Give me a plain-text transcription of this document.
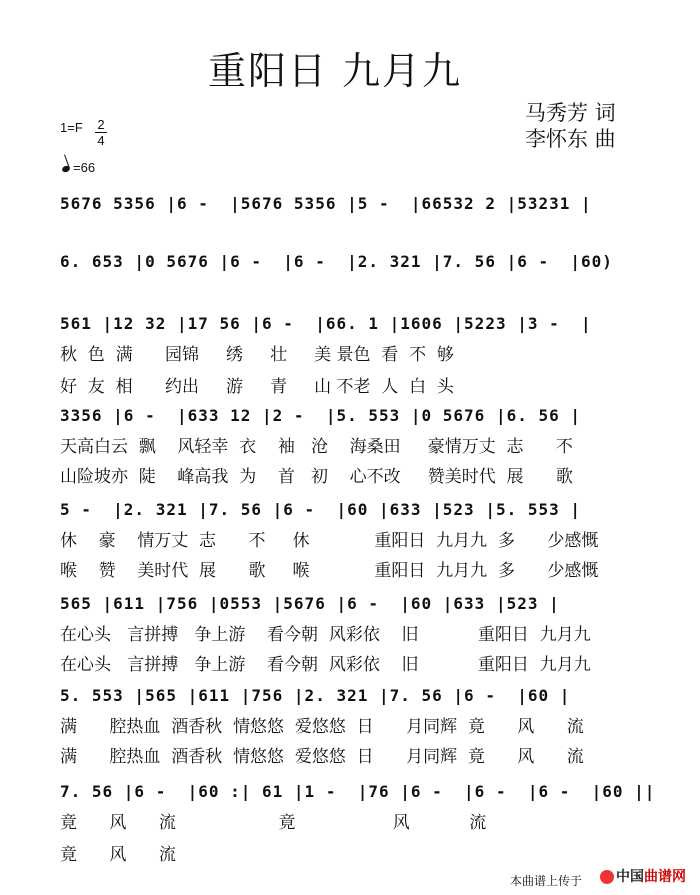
重阳日 九月九
马秀芳 词
李怀东 曲
1=F 2
4
=66
5676 5356 |6 -  |5676 5356 |5 -  |66532 2 |53231 |
6. 653 |0 5676 |6 -  |6 -  |2. 321 |7. 56 |6 -  |60)
561 |12 32 |17 56 |6 -  |66. 1 |1606 |5223 |3 -  |
秋  色  满      园锦     绣     壮     美 景色  看  不  够
好  友  相      约出     游     青     山 不老  人  白  头
3356 |6 -  |633 12 |2 -  |5. 553 |0 5676 |6. 56 |
天高白云  飘    风轻幸  衣    袖   沧    海桑田     豪情万丈  志      不
山险坡亦  陡    峰高我  为    首   初    心不改     赞美时代  展      歌
5 -  |2. 321 |7. 56 |6 -  |60 |633 |523 |5. 553 |
休    豪    情万丈  志      不     休            重阳日  九月九  多      少感慨
喉    赞    美时代  展      歌     喉            重阳日  九月九  多      少感慨
565 |611 |756 |0553 |5676 |6 -  |60 |633 |523 |
在心头   言拼搏   争上游    看今朝  风彩依    旧           重阳日  九月九
在心头   言拼搏   争上游    看今朝  风彩依    旧           重阳日  九月九
5. 553 |565 |611 |756 |2. 321 |7. 56 |6 -  |60 |
满      腔热血  酒香秋  情悠悠  爱悠悠  日      月同辉  竟      风      流
满      腔热血  酒香秋  情悠悠  爱悠悠  日      月同辉  竟      风      流
7. 56 |6 -  |60 :| 61 |1 -  |76 |6 -  |6 -  |6 -  |60 ||
竟      风      流                   竟                  风           流
竟      风      流
本曲谱上传于	中国曲谱网
